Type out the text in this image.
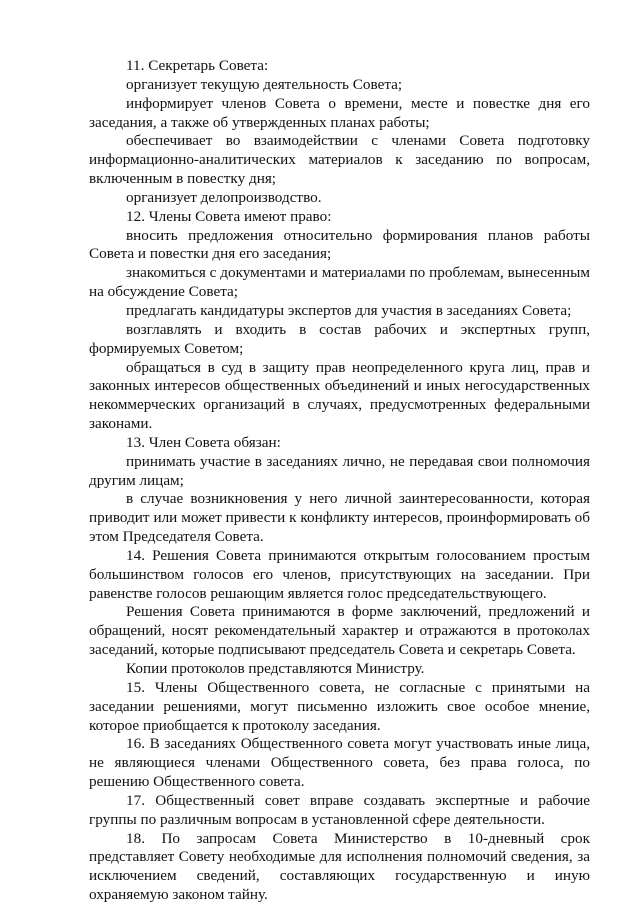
11. Секретарь Совета:

организует текущую деятельность Совета;

информирует членов Совета о времени, месте и повестке дня его заседания, а также об утвержденных планах работы;

обеспечивает во взаимодействии с членами Совета подготовку информационно-аналитических материалов к заседанию по вопросам, включенным в повестку дня;

организует делопроизводство.

12. Члены Совета имеют право:

вносить предложения относительно формирования планов работы Совета и повестки дня его заседания;

знакомиться с документами и материалами по проблемам, вынесенным на обсуждение Совета;

предлагать кандидатуры экспертов для участия в заседаниях Совета;

возглавлять и входить в состав рабочих и экспертных групп, формируемых Советом;

обращаться в суд в защиту прав неопределенного круга лиц, прав и законных интересов общественных объединений и иных негосударственных некоммерческих организаций в случаях, предусмотренных федеральными законами.

13. Член Совета обязан:

принимать участие в заседаниях лично, не передавая свои полномочия другим лицам;

в случае возникновения у него личной заинтересованности, которая приводит или может привести к конфликту интересов, проинформировать об этом Председателя Совета.

14. Решения Совета принимаются открытым голосованием простым большинством голосов его членов, присутствующих на заседании. При равенстве голосов решающим является голос председательствующего.

Решения Совета принимаются в форме заключений, предложений и обращений, носят рекомендательный характер и отражаются в протоколах заседаний, которые подписывают председатель Совета и секретарь Совета.

Копии протоколов представляются Министру.

15. Члены Общественного совета, не согласные с принятыми на заседании решениями, могут письменно изложить свое особое мнение, которое приобщается к протоколу заседания.

16. В заседаниях Общественного совета могут участвовать иные лица, не являющиеся членами Общественного совета, без права голоса, по решению Общественного совета.

17. Общественный совет вправе создавать экспертные и рабочие группы по различным вопросам в установленной сфере деятельности.

18. По запросам Совета Министерство в 10-дневный срок представляет Совету необходимые для исполнения полномочий сведения, за исключением сведений, составляющих государственную и иную охраняемую законом тайну.
